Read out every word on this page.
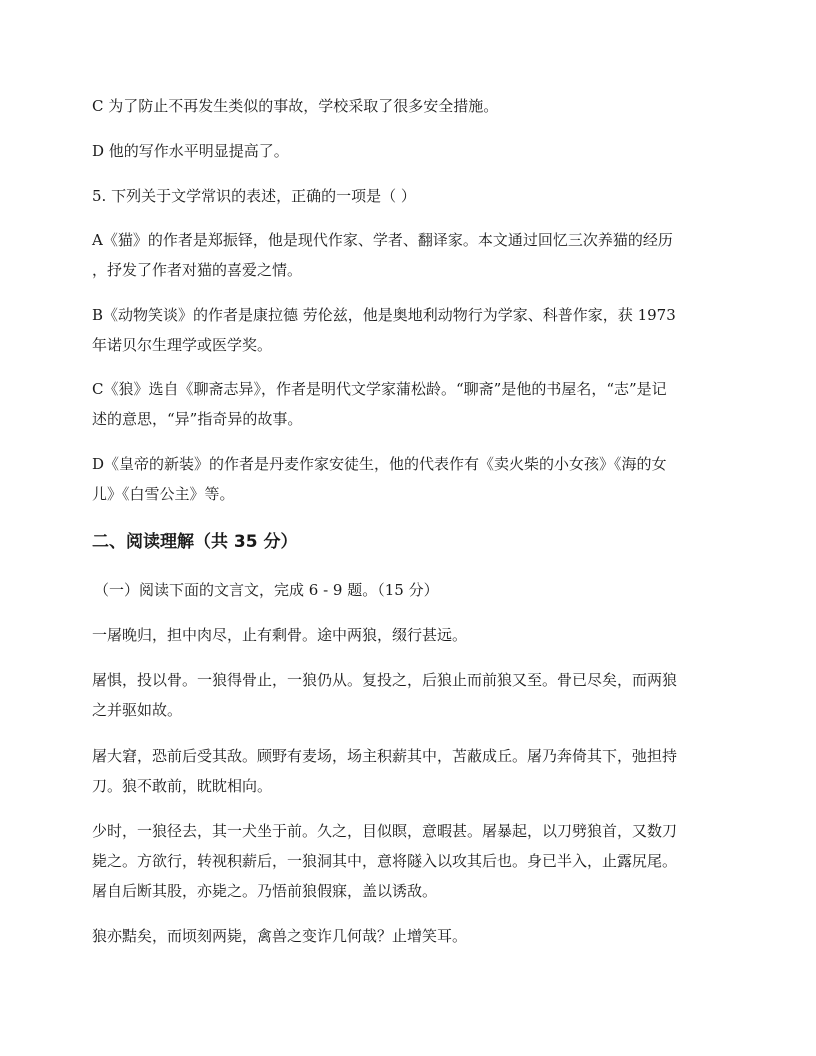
C 为了防止不再发生类似的事故，学校采取了很多安全措施。

D 他的写作水平明显提高了。

5. 下列关于文学常识的表述，正确的一项是（ ）

A《猫》的作者是郑振铎，他是现代作家、学者、翻译家。本文通过回忆三次养猫的经历

，抒发了作者对猫的喜爱之情。

B《动物笑谈》的作者是康拉德 劳伦兹，他是奥地利动物行为学家、科普作家，获 1973

年诺贝尔生理学或医学奖。

C《狼》选自《聊斋志异》，作者是明代文学家蒲松龄。“聊斋”是他的书屋名，“志”是记

述的意思，“异”指奇异的故事。

D《皇帝的新装》的作者是丹麦作家安徒生，他的代表作有《卖火柴的小女孩》《海的女

儿》《白雪公主》等。

二、阅读理解（共 35 分）

（一）阅读下面的文言文，完成 6 - 9 题。（15 分）

一屠晚归，担中肉尽，止有剩骨。途中两狼，缀行甚远。

屠惧，投以骨。一狼得骨止，一狼仍从。复投之，后狼止而前狼又至。骨已尽矣，而两狼

之并驱如故。

屠大窘，恐前后受其敌。顾野有麦场，场主积薪其中，苫蔽成丘。屠乃奔倚其下，弛担持

刀。狼不敢前，眈眈相向。

少时，一狼径去，其一犬坐于前。久之，目似瞑，意暇甚。屠暴起，以刀劈狼首，又数刀

毙之。方欲行，转视积薪后，一狼洞其中，意将隧入以攻其后也。身已半入，止露尻尾。

屠自后断其股，亦毙之。乃悟前狼假寐，盖以诱敌。

狼亦黠矣，而顷刻两毙，禽兽之变诈几何哉？止增笑耳。
